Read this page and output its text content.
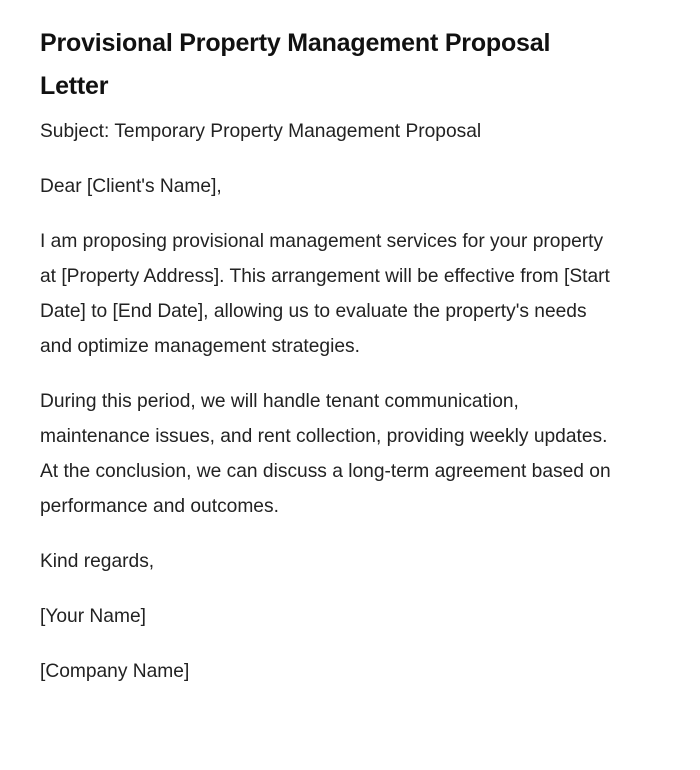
Provisional Property Management Proposal Letter

Subject: Temporary Property Management Proposal

Dear [Client's Name],

I am proposing provisional management services for your property at [Property Address]. This arrangement will be effective from [Start Date] to [End Date], allowing us to evaluate the property's needs and optimize management strategies.

During this period, we will handle tenant communication, maintenance issues, and rent collection, providing weekly updates. At the conclusion, we can discuss a long-term agreement based on performance and outcomes.

Kind regards,

[Your Name]

[Company Name]
